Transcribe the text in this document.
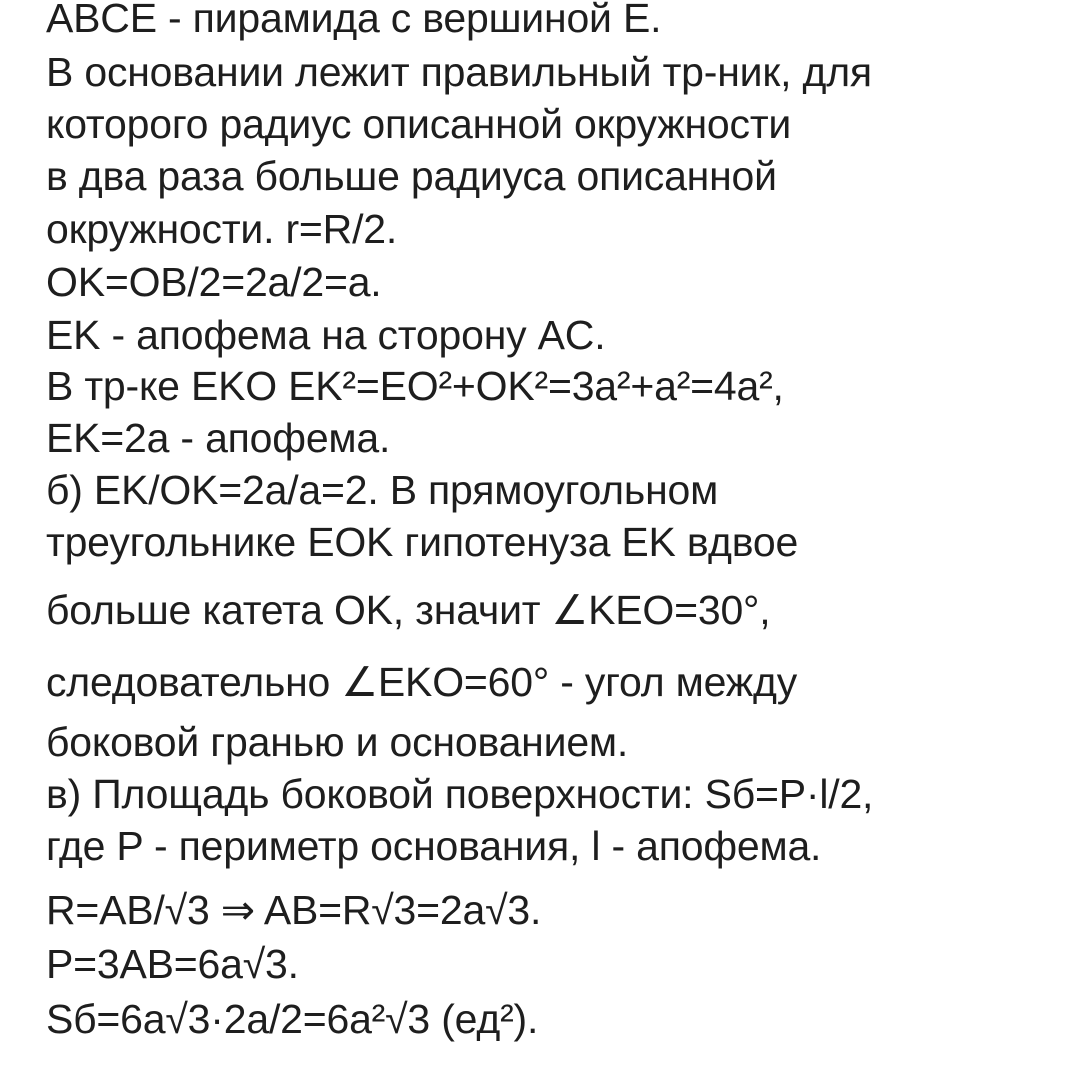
ABCE - пирамида с вершиной E.

В основании лежит правильный тр-ник, для

которого радиус описанной окружности

в два раза больше радиуса описанной

окружности. r=R/2.

OK=OB/2=2a/2=a.

EK - апофема на сторону AC.

В тр-ке EKO EK²=EO²+OK²=3a²+a²=4a²,

EK=2a - апофема.

б) EK/OK=2a/a=2. В прямоугольном

треугольнике EOK гипотенуза EK вдвое

больше катета OK, значит ∠KEO=30°,

следовательно ∠EKO=60° - угол между

боковой гранью и основанием.

в) Площадь боковой поверхности: Sб=P·l/2,

где P - периметр основания, l - апофема.

R=AB/√3 ⇒ AB=R√3=2a√3.

P=3AB=6a√3.

Sб=6a√3·2a/2=6a²√3 (ед²).
